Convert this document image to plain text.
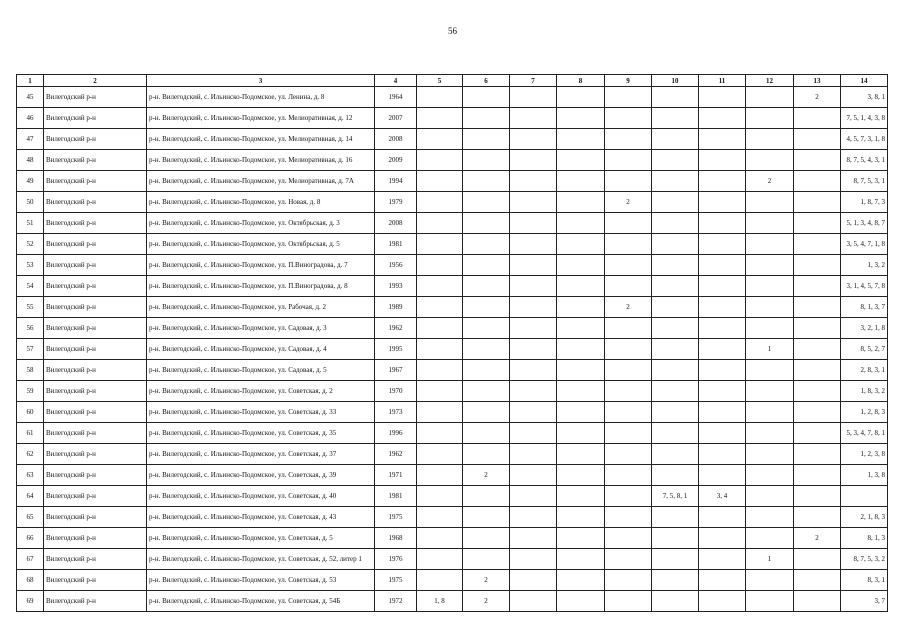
56
1	2	3	4	5	6	7	8	9	10	11	12	13	14
45	Вилегодский р-н	р-н. Вилегодский, с. Ильинско-Подомское, ул. Ленина, д. 8	1964									2	3, 8, 1
46	Вилегодский р-н	р-н. Вилегодский, с. Ильинско-Подомское, ул. Мелиоративная, д. 12	2007										7, 5, 1, 4, 3, 8
47	Вилегодский р-н	р-н. Вилегодский, с. Ильинско-Подомское, ул. Мелиоративная, д. 14	2008										4, 5, 7, 3, 1, 8
48	Вилегодский р-н	р-н. Вилегодский, с. Ильинско-Подомское, ул. Мелиоративная, д. 16	2009										8, 7, 5, 4, 3, 1
49	Вилегодский р-н	р-н. Вилегодский, с. Ильинско-Подомское, ул. Мелиоративная, д. 7А	1994								2		8, 7, 5, 3, 1
50	Вилегодский р-н	р-н. Вилегодский, с. Ильинско-Подомское, ул. Новая, д. 8	1979					2					1, 8, 7, 3
51	Вилегодский р-н	р-н. Вилегодский, с. Ильинско-Подомское, ул. Октябрьская, д. 3	2008										5, 1, 3, 4, 8, 7
52	Вилегодский р-н	р-н. Вилегодский, с. Ильинско-Подомское, ул. Октябрьская, д. 5	1981										3, 5, 4, 7, 1, 8
53	Вилегодский р-н	р-н. Вилегодский, с. Ильинско-Подомское, ул. П.Виноградова, д. 7	1956										1, 3, 2
54	Вилегодский р-н	р-н. Вилегодский, с. Ильинско-Подомское, ул. П.Виноградова, д. 8	1993										3, 1, 4, 5, 7, 8
55	Вилегодский р-н	р-н. Вилегодский, с. Ильинско-Подомское, ул. Рабочая, д. 2	1989					2					8, 1, 3, 7
56	Вилегодский р-н	р-н. Вилегодский, с. Ильинско-Подомское, ул. Садовая, д. 3	1962										3, 2, 1, 8
57	Вилегодский р-н	р-н. Вилегодский, с. Ильинско-Подомское, ул. Садовая, д. 4	1995								1		8, 5, 2, 7
58	Вилегодский р-н	р-н. Вилегодский, с. Ильинско-Подомское, ул. Садовая, д. 5	1967										2, 8, 3, 1
59	Вилегодский р-н	р-н. Вилегодский, с. Ильинско-Подомское, ул. Советская, д. 2	1970										1, 8, 3, 2
60	Вилегодский р-н	р-н. Вилегодский, с. Ильинско-Подомское, ул. Советская, д. 33	1973										1, 2, 8, 3
61	Вилегодский р-н	р-н. Вилегодский, с. Ильинско-Подомское, ул. Советская, д. 35	1996										5, 3, 4, 7, 8, 1
62	Вилегодский р-н	р-н. Вилегодский, с. Ильинско-Подомское, ул. Советская, д. 37	1962										1, 2, 3, 8
63	Вилегодский р-н	р-н. Вилегодский, с. Ильинско-Подомское, ул. Советская, д. 39	1971		2								1, 3, 8
64	Вилегодский р-н	р-н. Вилегодский, с. Ильинско-Подомское, ул. Советская, д. 40	1981						7, 5, 8, 1	3, 4			
65	Вилегодский р-н	р-н. Вилегодский, с. Ильинско-Подомское, ул. Советская, д. 43	1975										2, 1, 8, 3
66	Вилегодский р-н	р-н. Вилегодский, с. Ильинско-Подомское, ул. Советская, д. 5	1968									2	8, 1, 3
67	Вилегодский р-н	р-н. Вилегодский, с. Ильинско-Подомское, ул. Советская, д. 52, литер 1	1976								1		8, 7, 5, 3, 2
68	Вилегодский р-н	р-н. Вилегодский, с. Ильинско-Подомское, ул. Советская, д. 53	1975		2								8, 3, 1
69	Вилегодский р-н	р-н. Вилегодский, с. Ильинско-Подомское, ул. Советская, д. 54Б	1972	1, 8	2								3, 7
